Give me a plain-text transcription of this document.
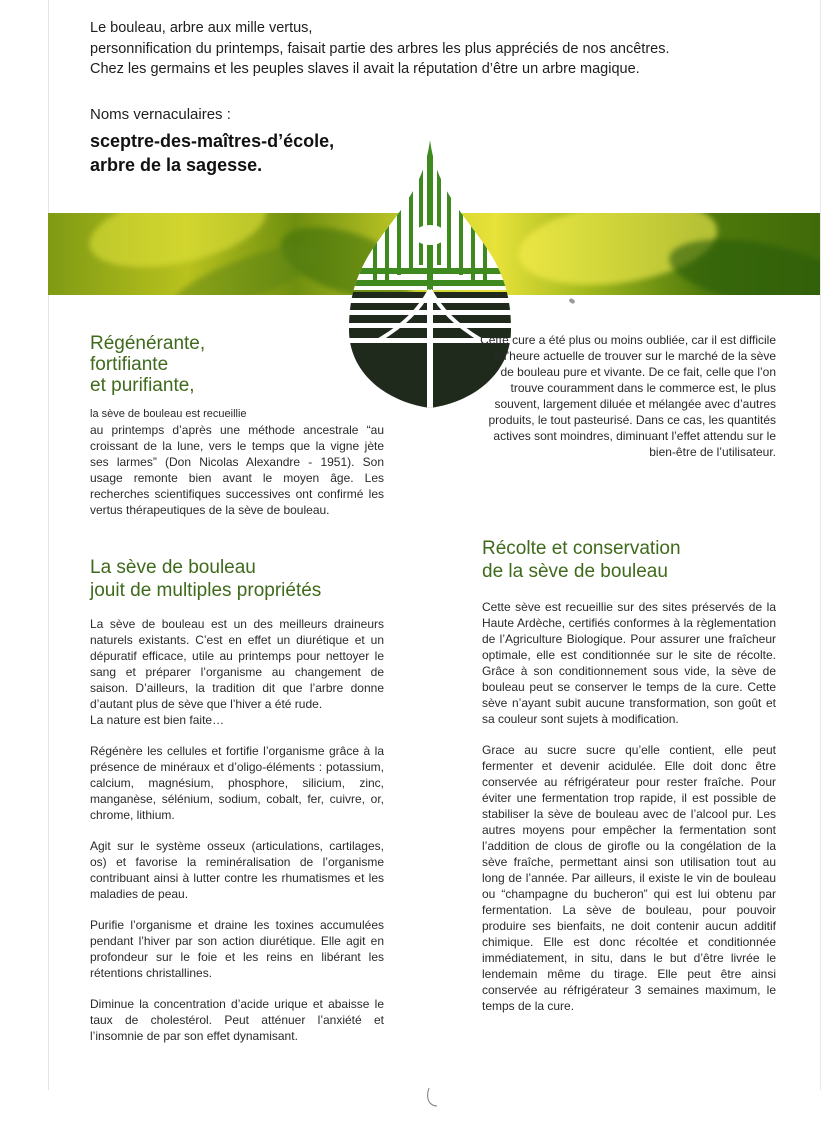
Le bouleau, arbre aux mille vertus,

personnification du printemps, faisait partie des arbres les plus appréciés de nos ancêtres.

Chez les germains et les peuples slaves il avait la réputation d’être un arbre magique.

Noms vernaculaires :
sceptre-des-maîtres-d’école,
arbre de la sagesse.
Régénérante,
fortifiante
et purifiante,

la sève de bouleau est recueillie

au printemps d’après une méthode ancestrale “au croissant de la lune, vers le temps que la vigne jète ses larmes” (Don Nicolas Alexandre - 1951). Son usage remonte bien avant le moyen âge. Les recherches scientifiques successives ont confirmé les vertus thérapeutiques de la sève de bouleau.

Cette cure a été plus ou moins oubliée, car il est difficile à l’heure actuelle de trouver sur le marché de la sève de bouleau pure et vivante. De ce fait, celle que l’on trouve couramment dans le commerce est, le plus souvent, largement diluée et mélangée avec d’autres produits, le tout pasteurisé. Dans ce cas, les quantités actives sont moindres, diminuant l’effet attendu sur le bien-être de l’utilisateur.

La sève de bouleau
jouit de multiples propriétés

La sève de bouleau est un des meilleurs draineurs naturels existants. C’est en effet un diurétique et un dépuratif efficace, utile au printemps pour nettoyer le sang et préparer l’organisme au changement de saison. D’ailleurs, la tradition dit que l’arbre donne d’autant plus de sève que l’hiver a été rude.
La nature est bien faite…

Régénère les cellules et fortifie l’organisme grâce à la présence de minéraux et d’oligo-éléments : potassium, calcium, magnésium, phosphore, silicium, zinc, manganèse, sélénium, sodium, cobalt, fer, cuivre, or, chrome, lithium.

Agit sur le système osseux (articulations, cartilages, os) et favorise la reminéralisation de l’organisme contribuant ainsi à lutter contre les rhumatismes et les maladies de peau.

Purifie l’organisme et draine les toxines accumulées pendant l’hiver par son action diurétique. Elle agit en profondeur sur le foie et les reins en libérant les rétentions christallines.

Diminue la concentration d’acide urique et abaisse le taux de cholestérol. Peut atténuer l’anxiété et l’insomnie de par son effet dynamisant.

Récolte et conservation
de la sève de bouleau

Cette sève est recueillie sur des sites préservés de la Haute Ardèche, certifiés conformes à la règlementation de l’Agriculture Biologique. Pour assurer une fraîcheur optimale, elle est conditionnée sur le site de récolte. Grâce à son conditionnement sous vide, la sève de bouleau peut se conserver le temps de la cure. Cette sève n’ayant subit aucune transformation, son goût et sa couleur sont sujets à modification.

Grace au sucre sucre qu’elle contient, elle peut fermenter et devenir acidulée. Elle doit donc être conservée au réfrigérateur pour rester fraîche. Pour éviter une fermentation trop rapide, il est possible de stabiliser la sève de bouleau avec de l’alcool pur. Les autres moyens pour empêcher la fermentation sont l’addition de clous de girofle ou la congélation de la sève fraîche, permettant ainsi son utilisation tout au long de l’année. Par ailleurs, il existe le vin de bouleau ou “champagne du bucheron” qui est lui obtenu par fermentation. La sève de bouleau, pour pouvoir produire ses bienfaits, ne doit contenir aucun additif chimique. Elle est donc récoltée et conditionnée immédiatement, in situ, dans le but d’être livrée le lendemain même du tirage. Elle peut être ainsi conservée au réfrigérateur 3 semaines maximum, le temps de la cure.
